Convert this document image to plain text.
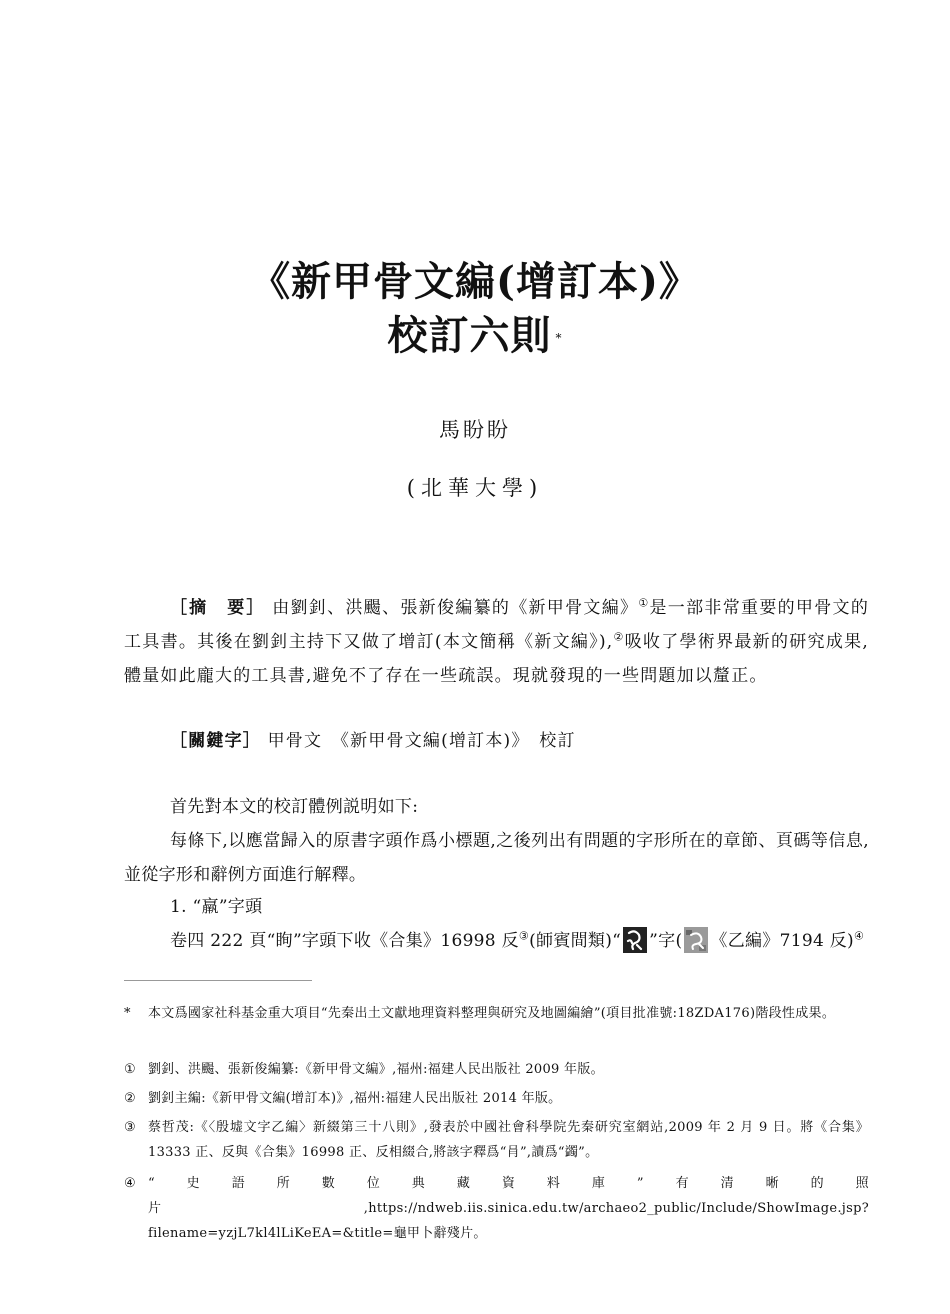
《新甲骨文編(增訂本)》
校訂六則 *
馬盼盼
(北華大學)
［摘　要］ 由劉釗、洪颺、張新俊編纂的《新甲骨文編》①是一部非常重要的甲骨文的工具書。其後在劉釗主持下又做了增訂(本文簡稱《新文編》),②吸收了學術界最新的研究成果,體量如此龐大的工具書,避免不了存在一些疏誤。現就發現的一些問題加以釐正。
［關鍵字］ 甲骨文　《新甲骨文編(增訂本)》　校訂
首先對本文的校訂體例説明如下:
每條下,以應當歸入的原書字頭作爲小標題,之後列出有問題的字形所在的章節、頁碼等信息,並從字形和辭例方面進行解釋。
1. “羸”字頭
卷四 222 頁“眴”字頭下收《合集》16998 反③(師賓間類)“ ”字( 《乙編》7194 反)④
*	本文爲國家社科基金重大項目“先秦出土文獻地理資料整理與研究及地圖編繪”(項目批准號:18ZDA176)階段性成果。
① 劉釗、洪颺、張新俊編纂:《新甲骨文編》,福州:福建人民出版社 2009 年版。
② 劉釗主編:《新甲骨文編(增訂本)》,福州:福建人民出版社 2014 年版。
③ 蔡哲茂:《〈殷墟文字乙編〉新綴第三十八則》,發表於中國社會科學院先秦研究室網站,2009 年 2 月 9 日。將《合集》13333 正、反與《合集》16998 正、反相綴合,將該字釋爲“肙”,讀爲“蠲”。
④ “史語所數位典藏資料庫”有清晰的照片,https://ndweb.iis.sinica.edu.tw/archaeo2_public/Include/ShowImage.jsp?filename=yzjL7kl4lLiKeEA=&title=龜甲卜辭殘片。
